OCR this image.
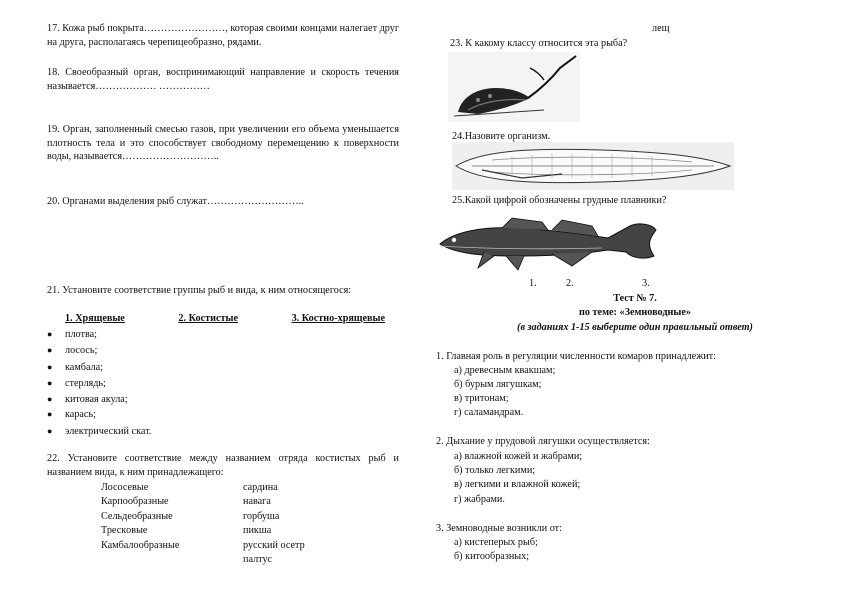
17. Кожа рыб покрыта……………………, которая своими концами налегает друг на друга, располагаясь черепицеобразно, рядами.
18. Своеобразный орган, воспринимающий направление и скорость течения называется……………… ……………
19. Орган, заполненный смесью газов, при увеличении его объема уменьшается плотность тела и это способствует свободному перемещению к поверхности воды, называется………………………..
20. Органами выделения рыб служат………………………..
21. Установите соответствие группы рыб и вида, к ним относящегося:
1. Хрящевые	2. Костистые	3. Костно-хрящевые
● плотва;
● лосось;
● камбала;
● стерлядь;
● китовая акула;
● карась;
● электрический скат.
22. Установите соответствие между названием отряда костистых рыб и названием вида, к ним принадлежащего:
Лососевые	сардина
Карпообразные	навага
Сельдеобразные	горбуша
Трескoвые	пикша
Камбалообразные	русский осетр
палтус
лещ
23. К какому классу относится эта рыба?
24.Назовите организм.
25.Какой цифрой обозначены грудные плавники?
1.	2.	3.
Тест № 7.
по теме: «Земноводные»
(в заданиях 1-15 выберите один правильный ответ)
1. Главная роль в регуляции численности комаров принадлежит:
а) древесным квакшам;
б) бурым лягушкам;
в) тритонам;
г) саламандрам.
2. Дыхание у прудовой лягушки осуществляется:
а) влажной кожей и жабрами;
б) только легкими;
в) легкими и влажной кожей;
г) жабрами.
3. Земноводные возникли от:
а) кистеперых рыб;
б) китообразных;
